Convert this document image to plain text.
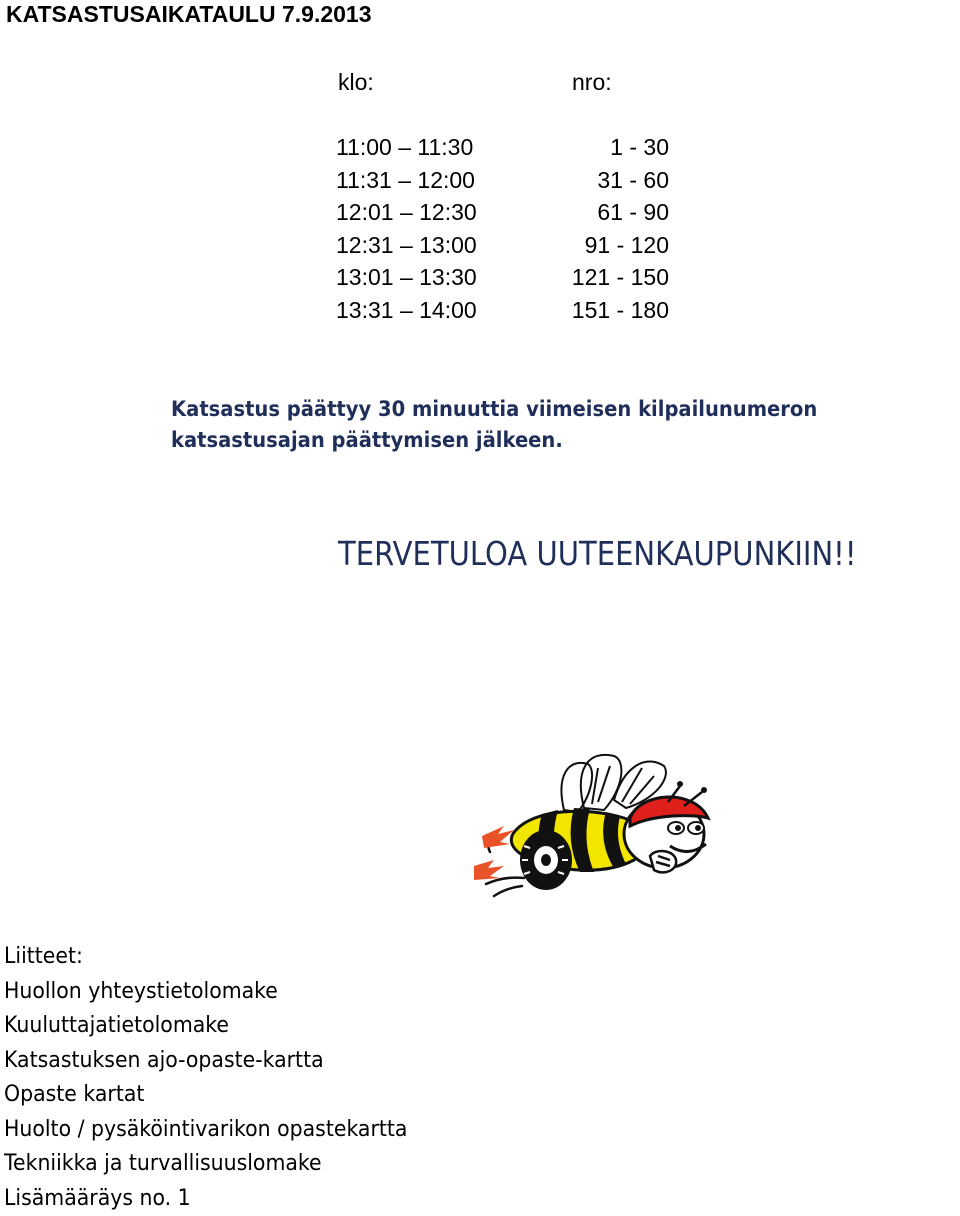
KATSASTUSAIKATAULU 7.9.2013
klo:	nro:
11:00 – 11:30	1 - 30
11:31 – 12:00	31 - 60
12:01 – 12:30	61 - 90
12:31 – 13:00	91 - 120
13:01 – 13:30	121 - 150
13:31 – 14:00	151 - 180
Katsastus päättyy 30 minuuttia viimeisen kilpailunumeron
katsastusajan päättymisen jälkeen.
TERVETULOA UUTEENKAUPUNKIIN!!
Liitteet:
Huollon yhteystietolomake
Kuuluttajatietolomake
Katsastuksen ajo-opaste-kartta
Opaste kartat
Huolto / pysäköintivarikon opastekartta
Tekniikka ja turvallisuuslomake
Lisämääräys no. 1
